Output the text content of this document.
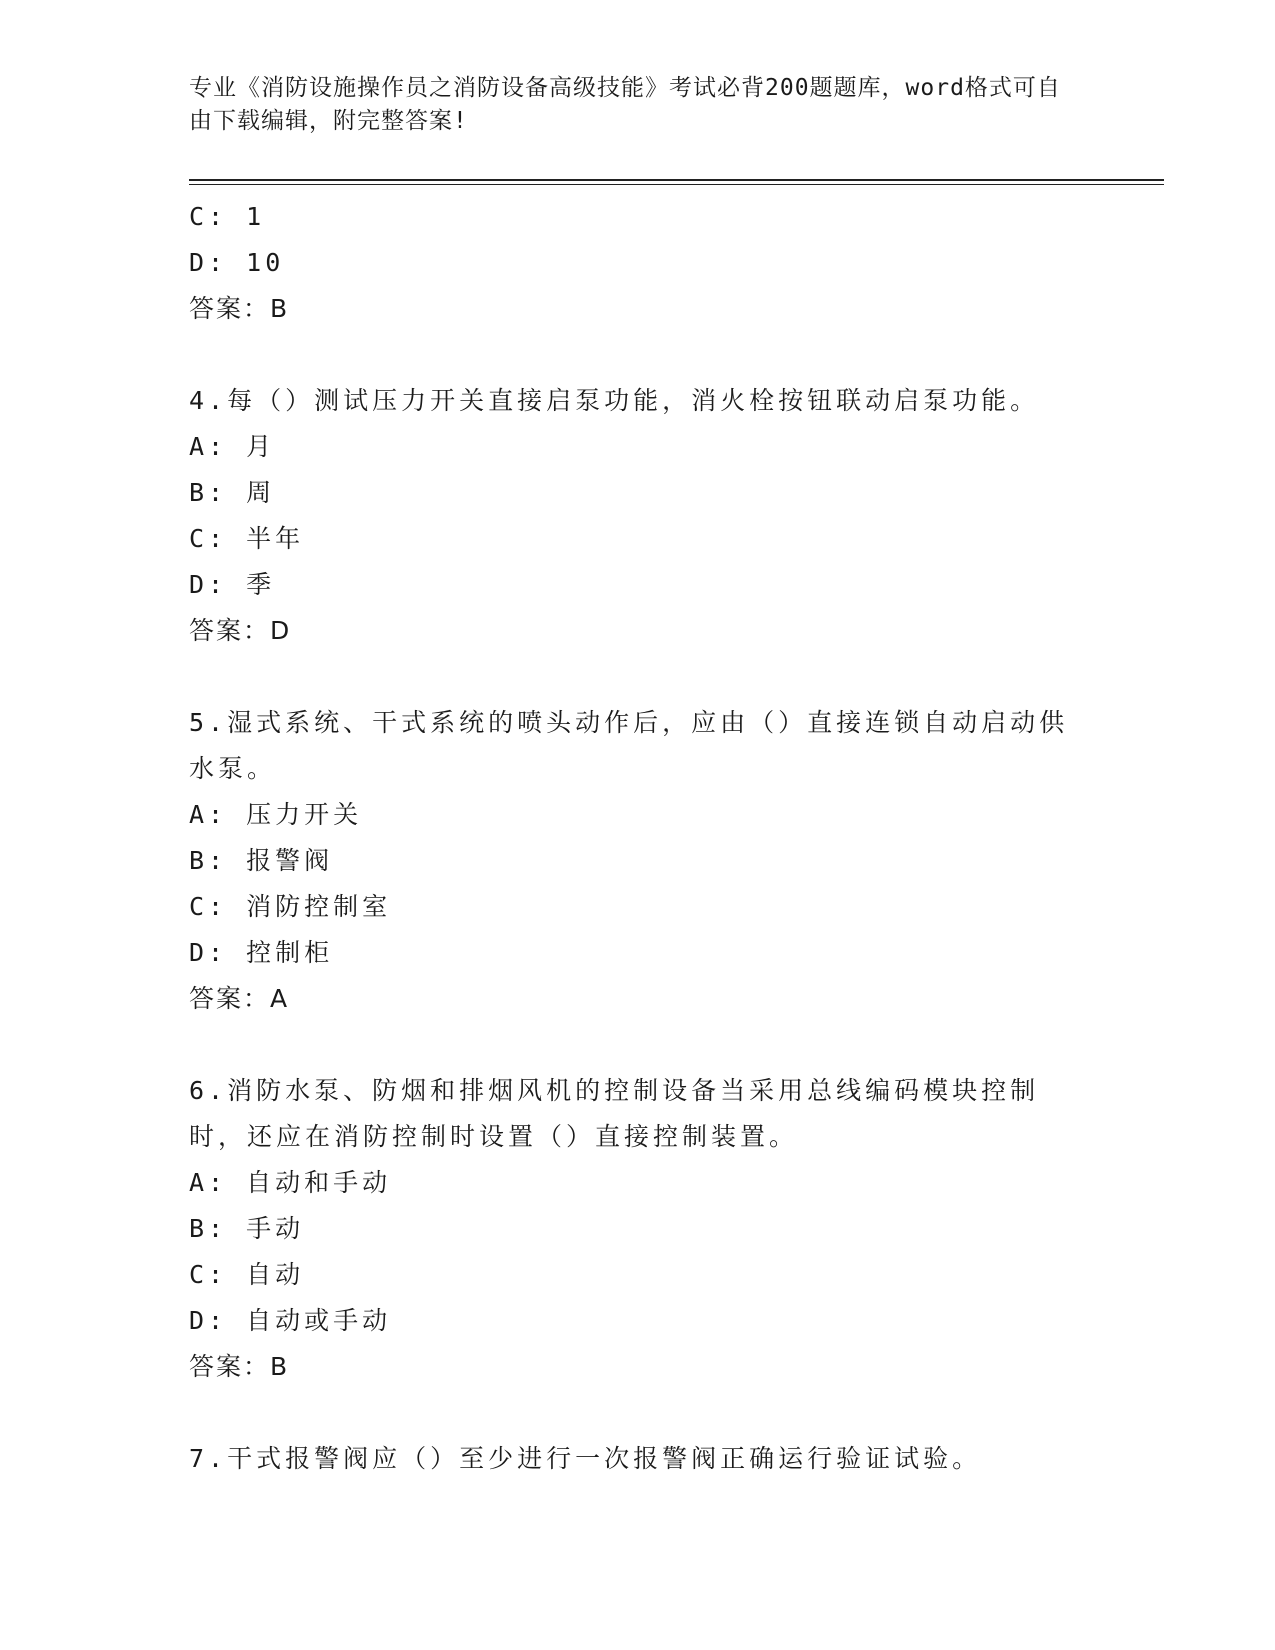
专业《消防设施操作员之消防设备高级技能》考试必背200题题库，word格式可自由下载编辑，附完整答案!
C: 1
D: 10
答案：B
4.每（）测试压力开关直接启泵功能，消火栓按钮联动启泵功能。
A: 月
B: 周
C: 半年
D: 季
答案：D
5.湿式系统、干式系统的喷头动作后，应由（）直接连锁自动启动供水泵。
A: 压力开关
B: 报警阀
C: 消防控制室
D: 控制柜
答案：A
6.消防水泵、防烟和排烟风机的控制设备当采用总线编码模块控制时，还应在消防控制时设置（）直接控制装置。
A: 自动和手动
B: 手动
C: 自动
D: 自动或手动
答案：B
7.干式报警阀应（）至少进行一次报警阀正确运行验证试验。
